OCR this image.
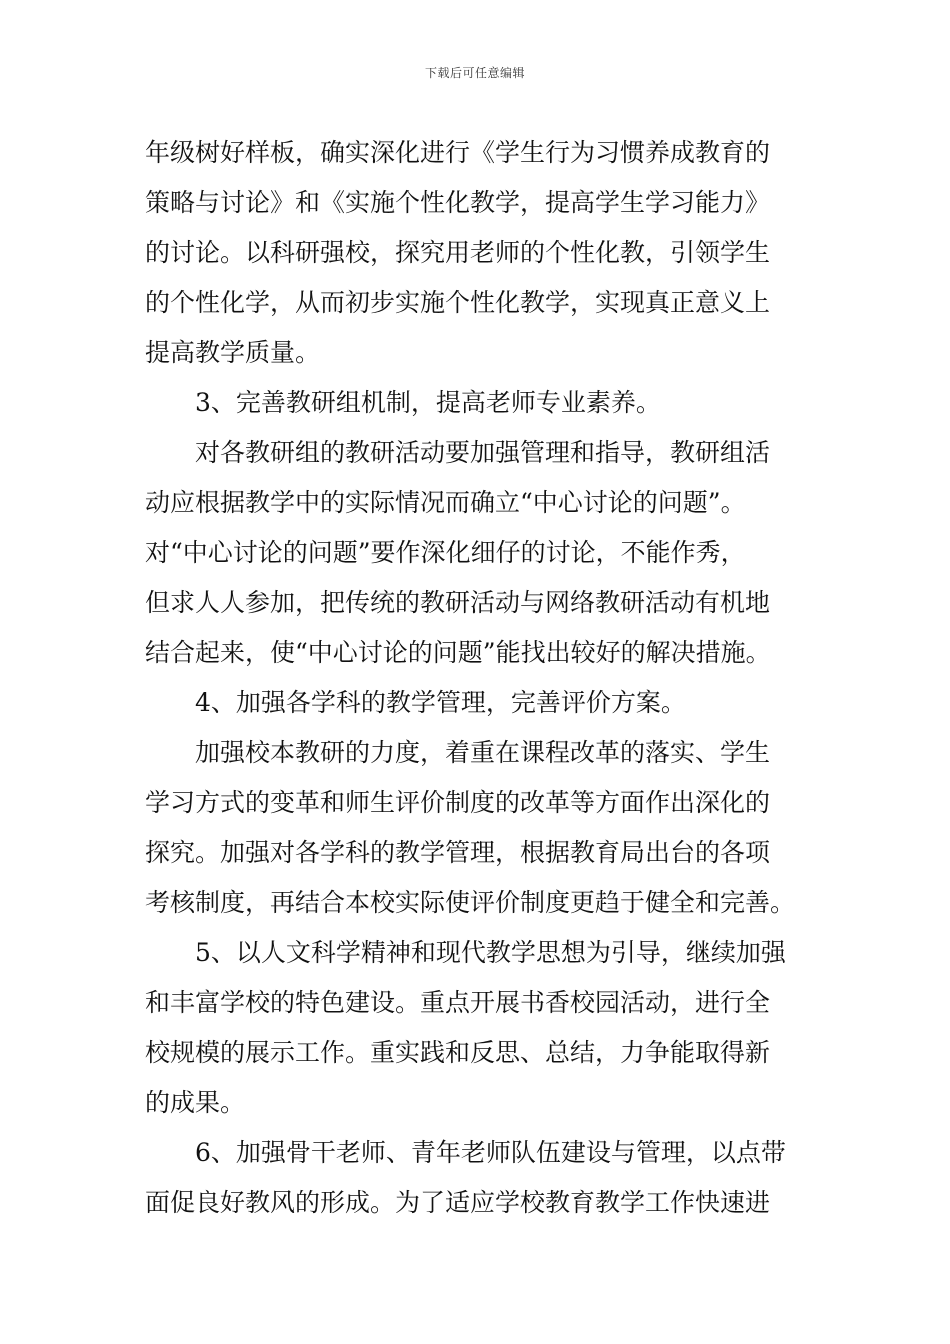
下载后可任意编辑
年级树好样板，确实深化进行《学生行为习惯养成教育的
策略与讨论》和《实施个性化教学，提高学生学习能力》
的讨论。以科研强校，探究用老师的个性化教，引领学生
的个性化学，从而初步实施个性化教学，实现真正意义上
提高教学质量。
　　3、完善教研组机制，提高老师专业素养。
　　对各教研组的教研活动要加强管理和指导，教研组活
动应根据教学中的实际情况而确立“中心讨论的问题”。
对“中心讨论的问题”要作深化细仔的讨论，不能作秀，
但求人人参加，把传统的教研活动与网络教研活动有机地
结合起来，使“中心讨论的问题”能找出较好的解决措施。
　　4、加强各学科的教学管理，完善评价方案。
　　加强校本教研的力度，着重在课程改革的落实、学生
学习方式的变革和师生评价制度的改革等方面作出深化的
探究。加强对各学科的教学管理，根据教育局出台的各项
考核制度，再结合本校实际使评价制度更趋于健全和完善。
　　5、以人文科学精神和现代教学思想为引导，继续加强
和丰富学校的特色建设。重点开展书香校园活动，进行全
校规模的展示工作。重实践和反思、总结，力争能取得新
的成果。
　　6、加强骨干老师、青年老师队伍建设与管理，以点带
面促良好教风的形成。为了适应学校教育教学工作快速进
